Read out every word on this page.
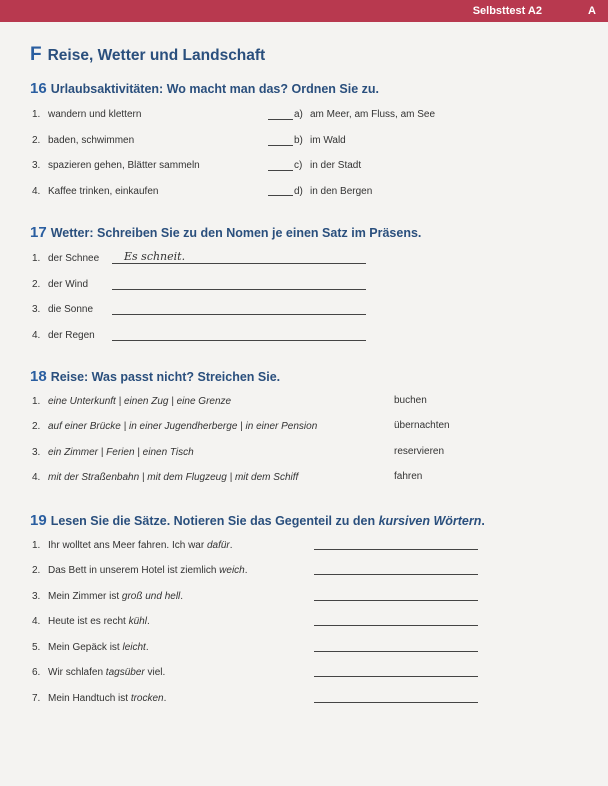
Selbsttest A2	A
F Reise, Wetter und Landschaft
16 Urlaubsaktivitäten: Wo macht man das? Ordnen Sie zu.
1. wandern und klettern
2. baden, schwimmen
3. spazieren gehen, Blätter sammeln
4. Kaffee trinken, einkaufen
a) am Meer, am Fluss, am See
b) im Wald
c) in der Stadt
d) in den Bergen
17 Wetter: Schreiben Sie zu den Nomen je einen Satz im Präsens.
1. der Schnee
2. der Wind
3. die Sonne
4. der Regen
Es schneit.
18 Reise: Was passt nicht? Streichen Sie.
1. eine Unterkunft | einen Zug | eine Grenze
2. auf einer Brücke | in einer Jugendherberge | in einer Pension
3. ein Zimmer | Ferien | einen Tisch
4. mit der Straßenbahn | mit dem Flugzeug | mit dem Schiff
buchen
übernachten
reservieren
fahren
19 Lesen Sie die Sätze. Notieren Sie das Gegenteil zu den kursiven Wörtern.
1. Ihr wolltet ans Meer fahren. Ich war dafür.
2. Das Bett in unserem Hotel ist ziemlich weich.
3. Mein Zimmer ist groß und hell.
4. Heute ist es recht kühl.
5. Mein Gepäck ist leicht.
6. Wir schlafen tagsüber viel.
7. Mein Handtuch ist trocken.
